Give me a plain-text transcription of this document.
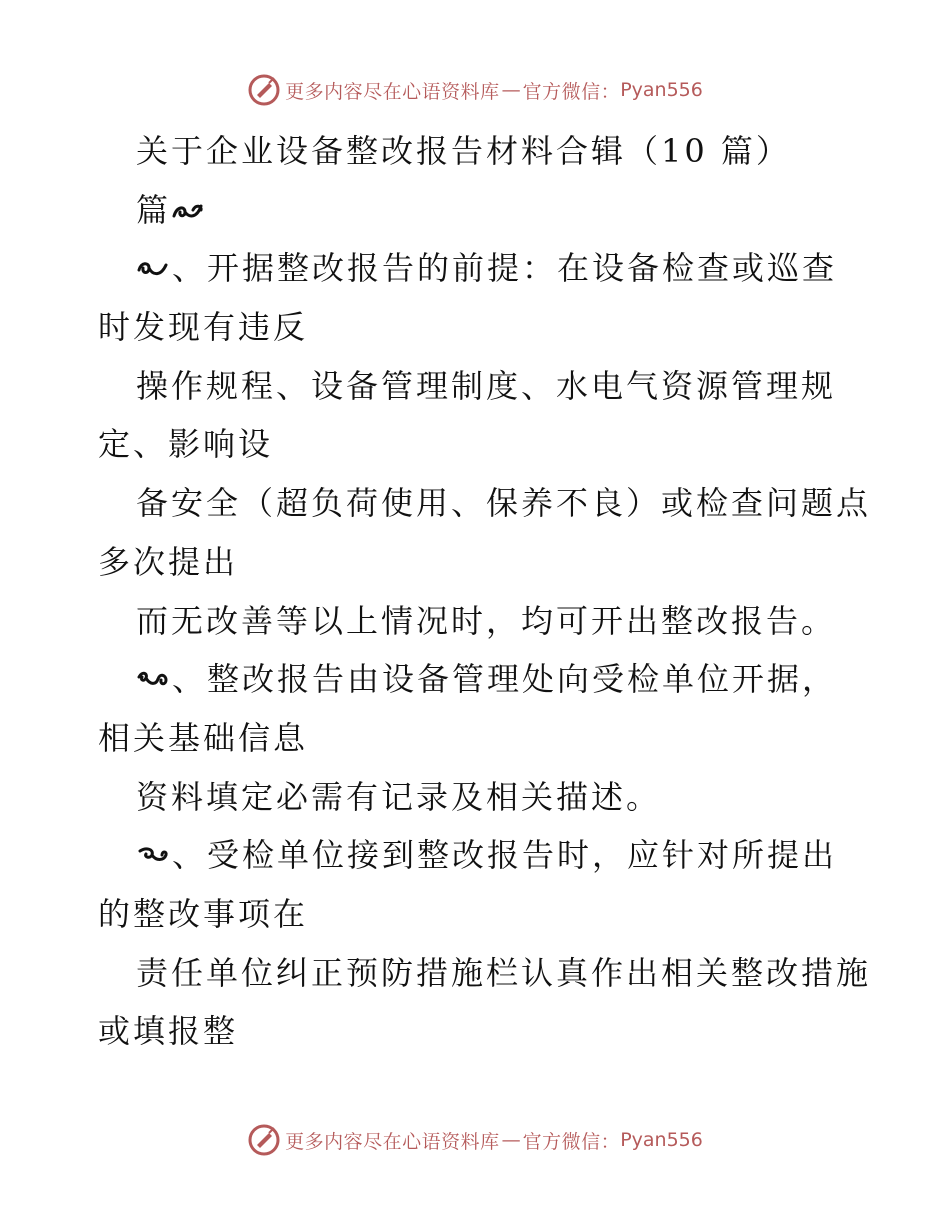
更多内容尽在心语资料库 — 官方微信： Pyan556
关于企业设备整改报告材料合辑（10 篇）
篇
、开据整改报告的前提：在设备检查或巡查
时发现有违反
操作规程、设备管理制度、水电气资源管理规
定、影响设
备安全（超负荷使用、保养不良）或检查问题点
多次提出
而无改善等以上情况时，均可开出整改报告。
、整改报告由设备管理处向受检单位开据，
相关基础信息
资料填定必需有记录及相关描述。
、受检单位接到整改报告时，应针对所提出
的整改事项在
责任单位纠正预防措施栏认真作出相关整改措施
或填报整
更多内容尽在心语资料库 — 官方微信： Pyan556
